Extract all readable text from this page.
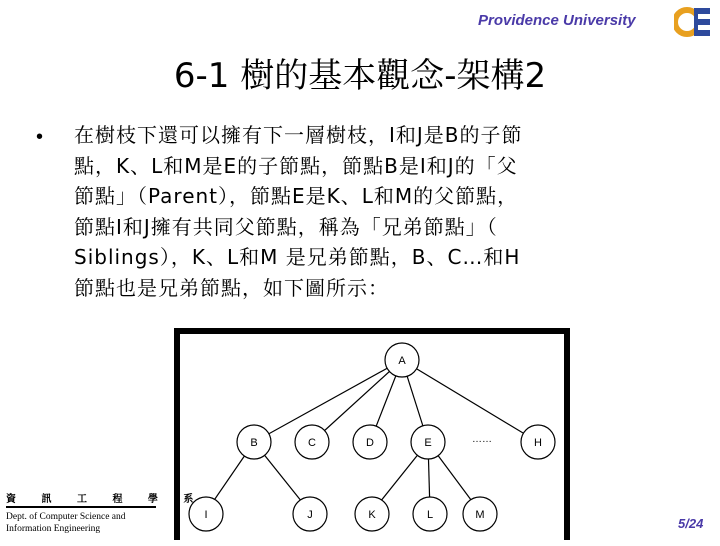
Providence University
6-1 樹的基本觀念-架構2
• 在樹枝下還可以擁有下一層樹枝，I和J是B的子節
點，K、L和M是E的子節點，節點B是I和J的「父
節點」（Parent），節點E是K、L和M的父節點，
節點I和J擁有共同父節點，稱為「兄弟節點」（
Siblings），K、L和M 是兄弟節點，B、C…和H
節點也是兄弟節點，如下圖所示：
A
B	C	D	E	……	H
I	J	K	L	M
資 訊 工 程 學 系
Dept. of Computer Science and
Information Engineering	5/24
